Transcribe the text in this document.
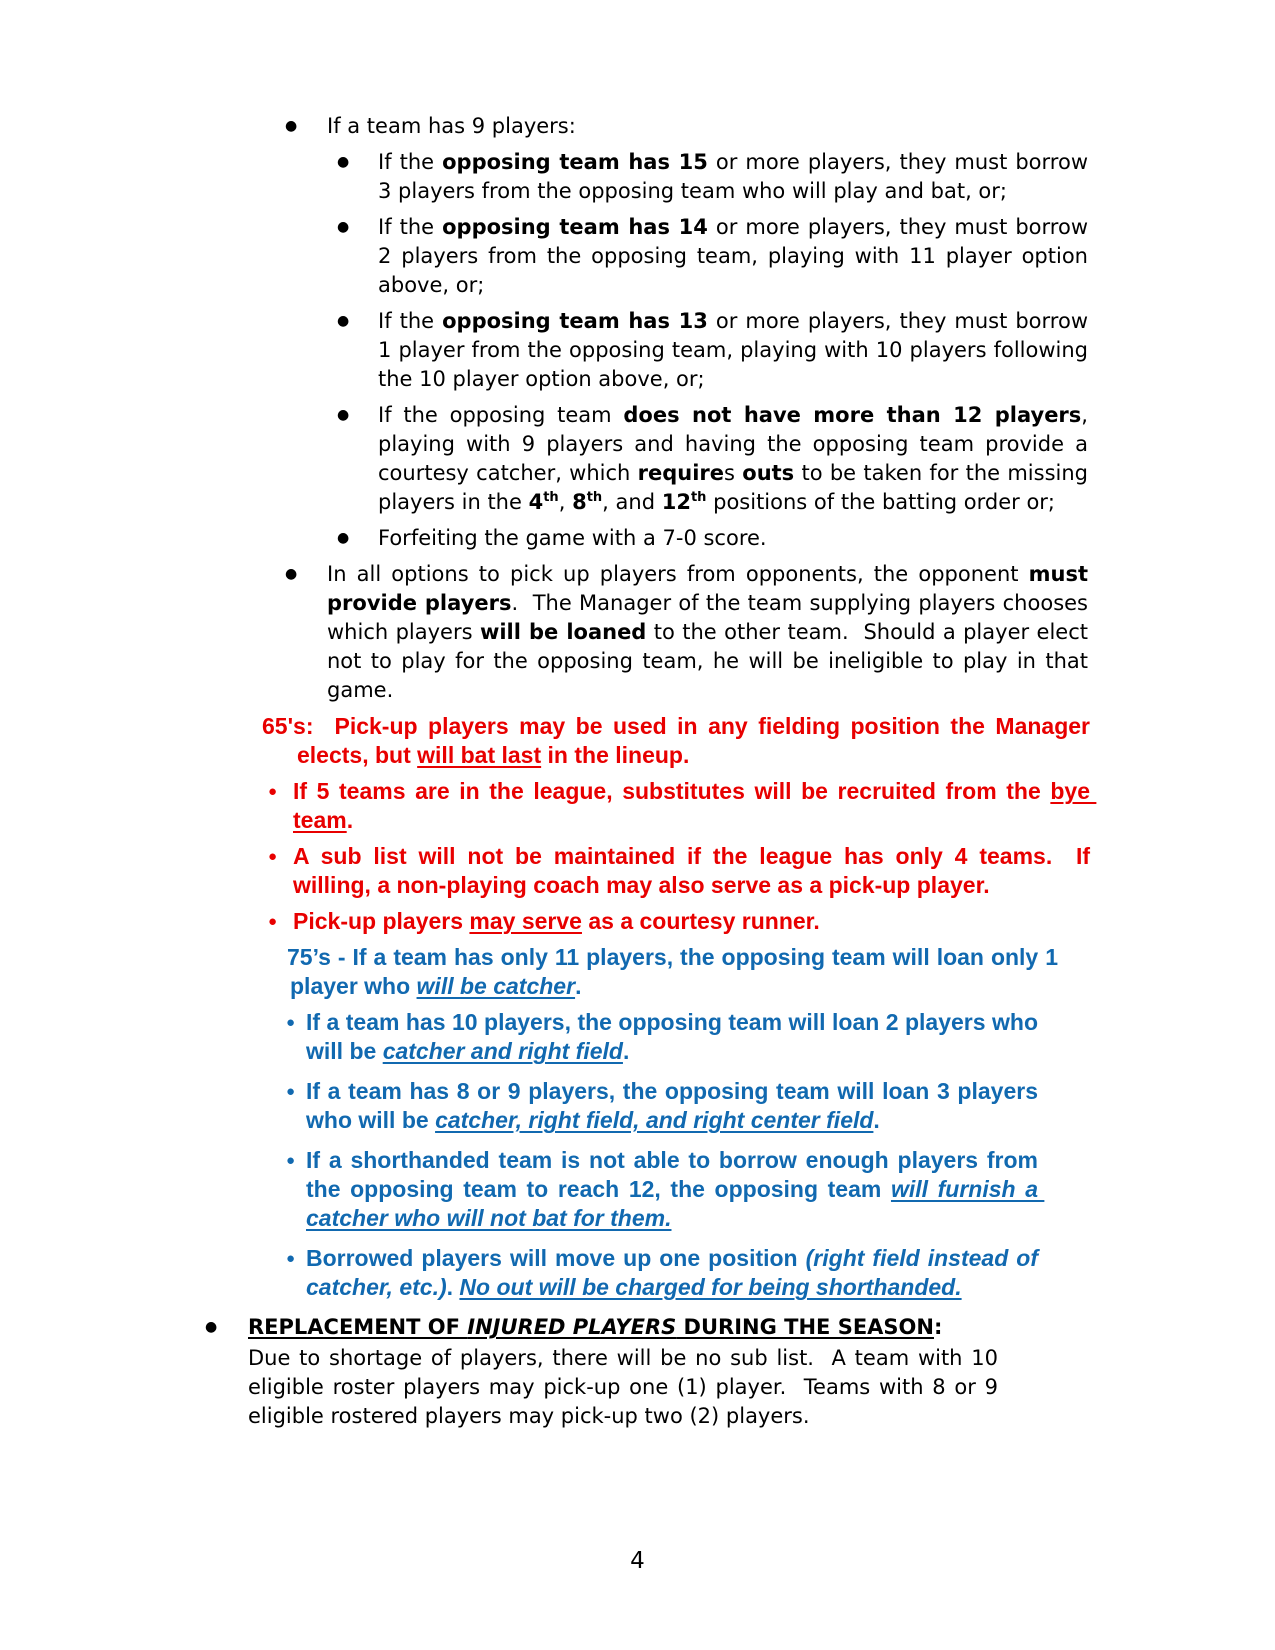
● If a team has 9 players:
● If the opposing team has 15 or more players, they must borrow 3 players from the opposing team who will play and bat, or;
● If the opposing team has 14 or more players, they must borrow 2 players from the opposing team, playing with 11 player option above, or;
● If the opposing team has 13 or more players, they must borrow 1 player from the opposing team, playing with 10 players following the 10 player option above, or;
● If the opposing team does not have more than 12 players, playing with 9 players and having the opposing team provide a courtesy catcher, which requires outs to be taken for the missing players in the 4th, 8th, and 12th positions of the batting order or;
● Forfeiting the game with a 7-0 score.
● In all options to pick up players from opponents, the opponent must provide players.  The Manager of the team supplying players chooses which players will be loaned to the other team.  Should a player elect not to play for the opposing team, he will be ineligible to play in that game.
65's:  Pick-up players may be used in any fielding position the Manager elects, but will bat last in the lineup.
● If 5 teams are in the league, substitutes will be recruited from the bye team.
● A sub list will not be maintained if the league has only 4 teams.  If willing, a non-playing coach may also serve as a pick-up player.
● Pick-up players may serve as a courtesy runner.
75’s - If a team has only 11 players, the opposing team will loan only 1 player who will be catcher.
● If a team has 10 players, the opposing team will loan 2 players who will be catcher and right field.
● If a team has 8 or 9 players, the opposing team will loan 3 players who will be catcher, right field, and right center field.
● If a shorthanded team is not able to borrow enough players from the opposing team to reach 12, the opposing team will furnish a catcher who will not bat for them.
● Borrowed players will move up one position (right field instead of catcher, etc.). No out will be charged for being shorthanded.
● REPLACEMENT OF INJURED PLAYERS DURING THE SEASON:
Due to shortage of players, there will be no sub list.  A team with 10 eligible roster players may pick-up one (1) player.  Teams with 8 or 9 eligible rostered players may pick-up two (2) players.
4
